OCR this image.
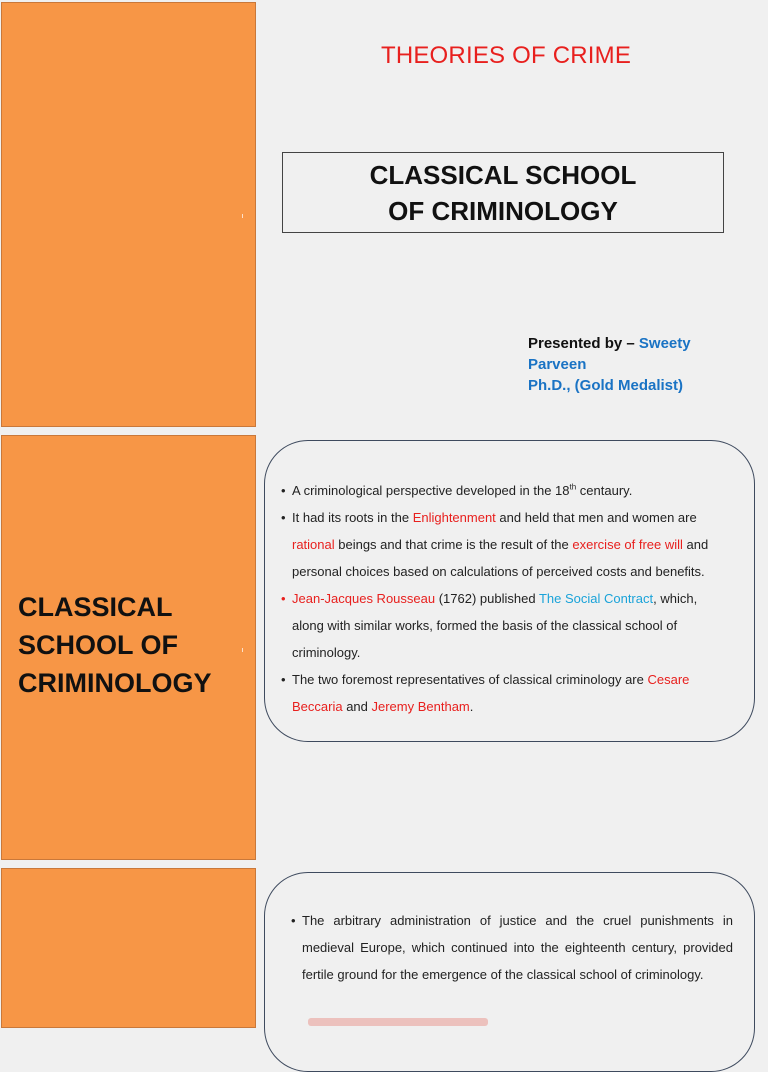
THEORIES OF CRIME
CLASSICAL SCHOOL OF CRIMINOLOGY
Presented by – Sweety
Parveen
Ph.D., (Gold Medalist)
CLASSICAL SCHOOL OF CRIMINOLOGY
• A criminological perspective developed in the 18th centaury.
• It had its roots in the Enlightenment and held that men and women are rational beings and that crime is the result of the exercise of free will and personal choices based on calculations of perceived costs and benefits.
• Jean-Jacques Rousseau (1762) published The Social Contract, which, along with similar works, formed the basis of the classical school of criminology.
• The two foremost representatives of classical criminology are Cesare Beccaria and Jeremy Bentham.
• The arbitrary administration of justice and the cruel punishments in medieval Europe, which continued into the eighteenth century, provided fertile ground for the emergence of the classical school of criminology.
